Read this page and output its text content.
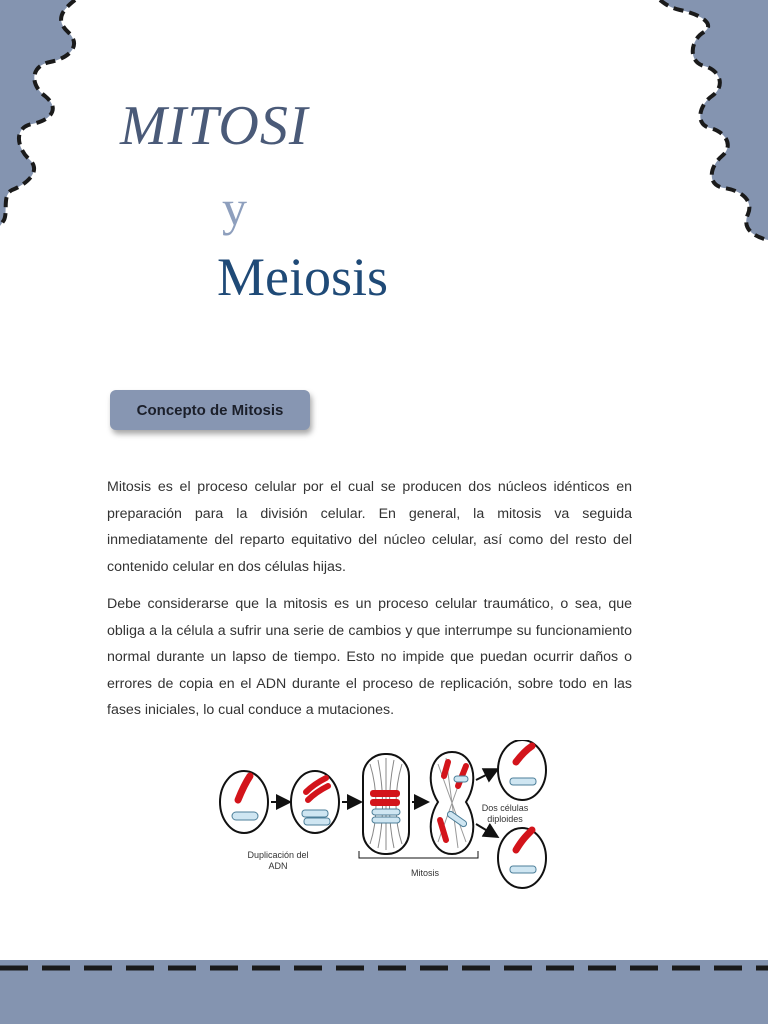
MITOSI
y
Meiosis
Concepto de Mitosis

Mitosis es el proceso celular por el cual se producen dos núcleos idénticos en preparación para la división celular. En general, la mitosis va seguida inmediatamente del reparto equitativo del núcleo celular, así como del resto del contenido celular en dos células hijas.

Debe considerarse que la mitosis es un proceso celular traumático, o sea, que obliga a la célula a sufrir una serie de cambios y que interrumpe su funcionamiento normal durante un lapso de tiempo. Esto no impide que puedan ocurrir daños o errores de copia en el ADN durante el proceso de replicación, sobre todo en las fases iniciales, lo cual conduce a mutaciones.

Duplicación del ADN
Mitosis
Dos células diploides
